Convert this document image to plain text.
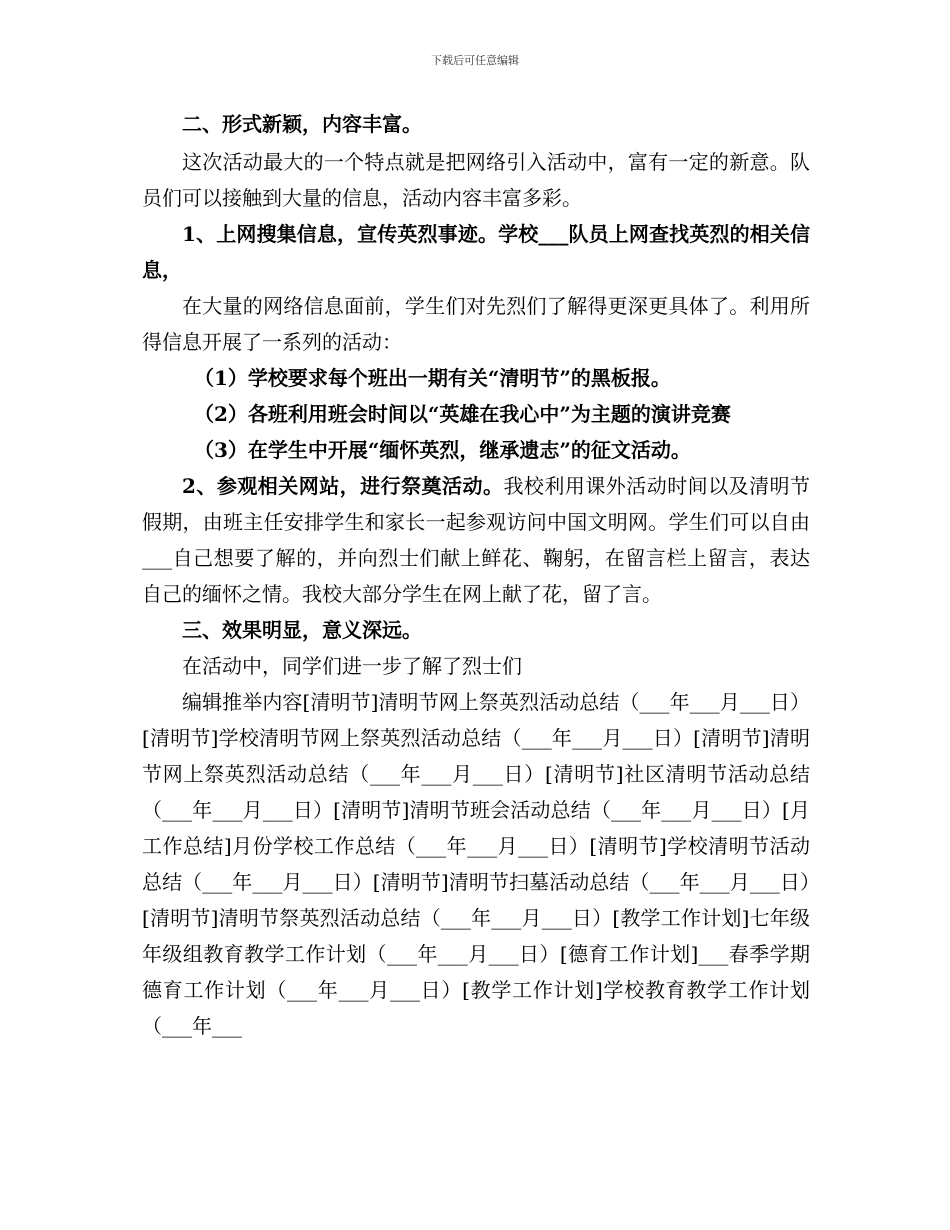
下载后可任意编辑

二、形式新颖，内容丰富。

这次活动最大的一个特点就是把网络引入活动中，富有一定的新意。队员们可以接触到大量的信息，活动内容丰富多彩。

1、上网搜集信息，宣传英烈事迹。学校___队员上网查找英烈的相关信息，

在大量的网络信息面前，学生们对先烈们了解得更深更具体了。利用所得信息开展了一系列的活动：

（1）学校要求每个班出一期有关“清明节”的黑板报。

（2）各班利用班会时间以“英雄在我心中”为主题的演讲竞赛

（3）在学生中开展“缅怀英烈，继承遗志”的征文活动。

2、参观相关网站，进行祭奠活动。我校利用课外活动时间以及清明节假期，由班主任安排学生和家长一起参观访问中国文明网。学生们可以自由___自己想要了解的，并向烈士们献上鲜花、鞠躬，在留言栏上留言，表达自己的缅怀之情。我校大部分学生在网上献了花，留了言。

三、效果明显，意义深远。

在活动中，同学们进一步了解了烈士们

编辑推举内容[清明节]清明节网上祭英烈活动总结（___年___月___日）[清明节]学校清明节网上祭英烈活动总结（___年___月___日）[清明节]清明节网上祭英烈活动总结（___年___月___日）[清明节]社区清明节活动总结（___年___月___日）[清明节]清明节班会活动总结（___年___月___日）[月工作总结]月份学校工作总结（___年___月___日）[清明节]学校清明节活动总结（___年___月___日）[清明节]清明节扫墓活动总结（___年___月___日）[清明节]清明节祭英烈活动总结（___年___月___日）[教学工作计划]七年级年级组教育教学工作计划（___年___月___日）[德育工作计划]___春季学期德育工作计划（___年___月___日）[教学工作计划]学校教育教学工作计划（___年___
